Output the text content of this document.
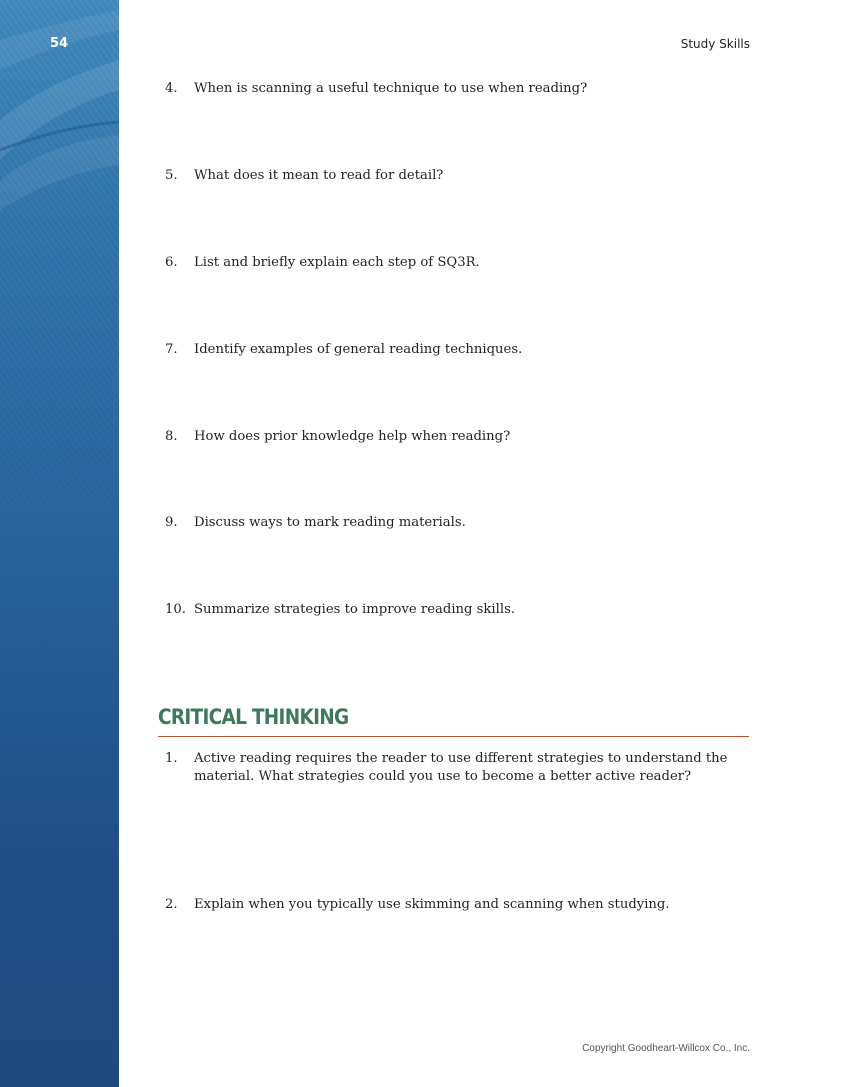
54	Study Skills
4. When is scanning a useful technique to use when reading?
5. What does it mean to read for detail?
6. List and briefly explain each step of SQ3R.
7. Identify examples of general reading techniques.
8. How does prior knowledge help when reading?
9. Discuss ways to mark reading materials.
10. Summarize strategies to improve reading skills.
CRITICAL THINKING
1. Active reading requires the reader to use different strategies to understand the material. What strategies could you use to become a better active reader?
2. Explain when you typically use skimming and scanning when studying.
Copyright Goodheart-Willcox Co., Inc.
